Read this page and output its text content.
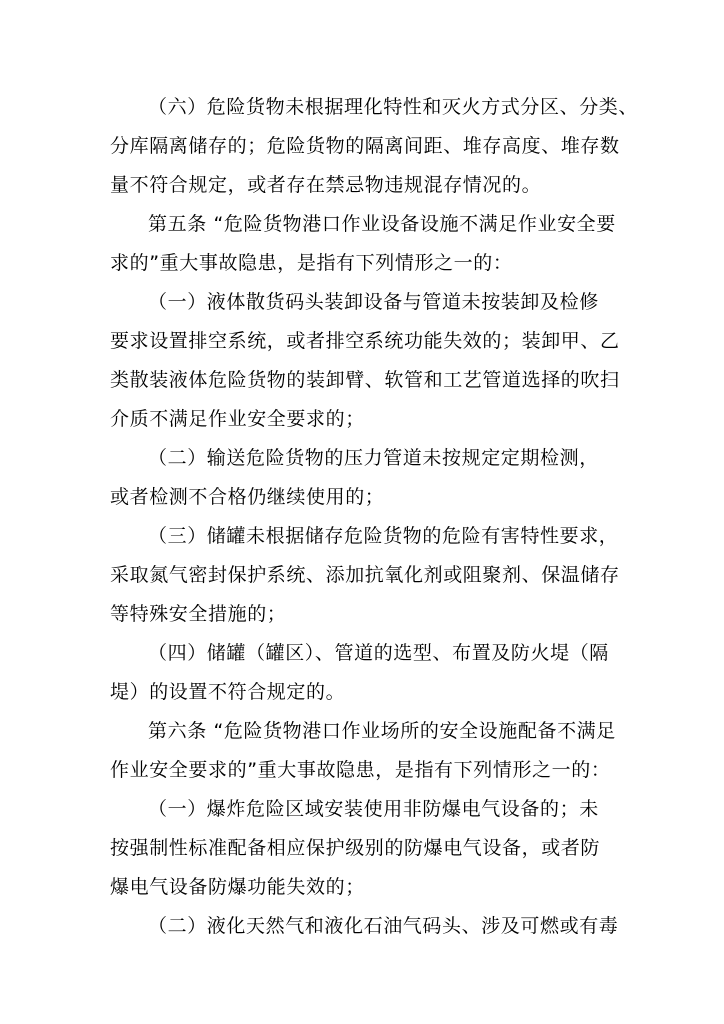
（六）危险货物未根据理化特性和灭火方式分区、分类、
分库隔离储存的；危险货物的隔离间距、堆存高度、堆存数
量不符合规定，或者存在禁忌物违规混存情况的。
第五条 “危险货物港口作业设备设施不满足作业安全要
求的”重大事故隐患，是指有下列情形之一的：
（一）液体散货码头装卸设备与管道未按装卸及检修
要求设置排空系统，或者排空系统功能失效的；装卸甲、乙
类散装液体危险货物的装卸臂、软管和工艺管道选择的吹扫
介质不满足作业安全要求的；
（二）输送危险货物的压力管道未按规定定期检测，
或者检测不合格仍继续使用的；
（三）储罐未根据储存危险货物的危险有害特性要求，
采取氮气密封保护系统、添加抗氧化剂或阻聚剂、保温储存
等特殊安全措施的；
（四）储罐（罐区）、管道的选型、布置及防火堤（隔
堤）的设置不符合规定的。
第六条 “危险货物港口作业场所的安全设施配备不满足
作业安全要求的”重大事故隐患，是指有下列情形之一的：
（一）爆炸危险区域安装使用非防爆电气设备的；未
按强制性标准配备相应保护级别的防爆电气设备，或者防
爆电气设备防爆功能失效的；
（二）液化天然气和液化石油气码头、涉及可燃或有毒
